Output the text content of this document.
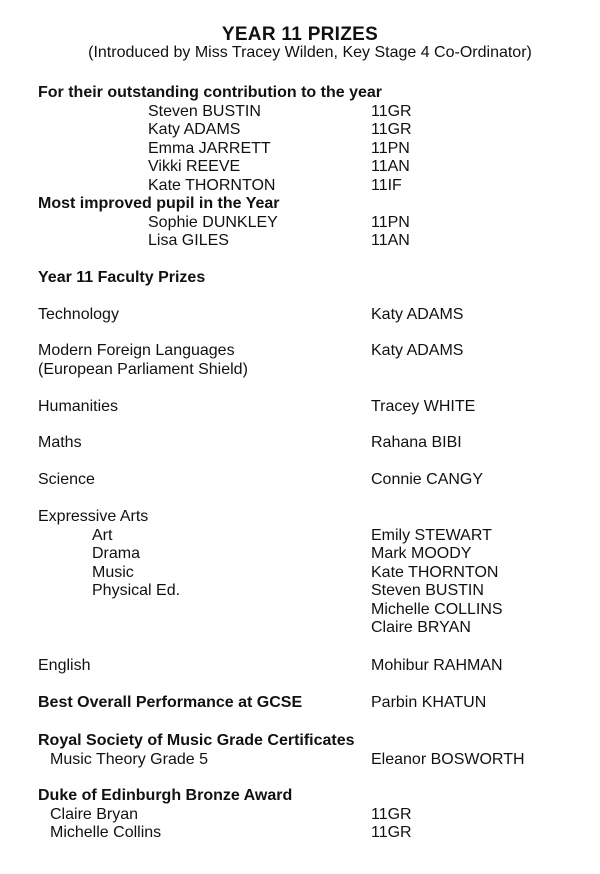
YEAR 11 PRIZES
(Introduced by Miss Tracey Wilden, Key Stage 4 Co-Ordinator)
For their outstanding contribution to the year
Steven BUSTIN	11GR
Katy ADAMS	11GR
Emma JARRETT	11PN
Vikki REEVE	11AN
Kate THORNTON	11IF
Most improved pupil in the Year
Sophie DUNKLEY	11PN
Lisa GILES	11AN
Year 11 Faculty Prizes
Technology	Katy ADAMS
Modern Foreign Languages	Katy ADAMS
(European Parliament Shield)
Humanities	Tracey WHITE
Maths	Rahana BIBI
Science	Connie CANGY
Expressive Arts
Art	Emily STEWART
Drama	Mark MOODY
Music	Kate THORNTON
Physical Ed.	Steven BUSTIN
Michelle COLLINS
Claire BRYAN
English	Mohibur RAHMAN
Best Overall Performance at GCSE	Parbin KHATUN
Royal Society of Music Grade Certificates
Music Theory Grade 5	Eleanor BOSWORTH
Duke of Edinburgh Bronze Award
Claire Bryan	11GR
Michelle Collins	11GR
